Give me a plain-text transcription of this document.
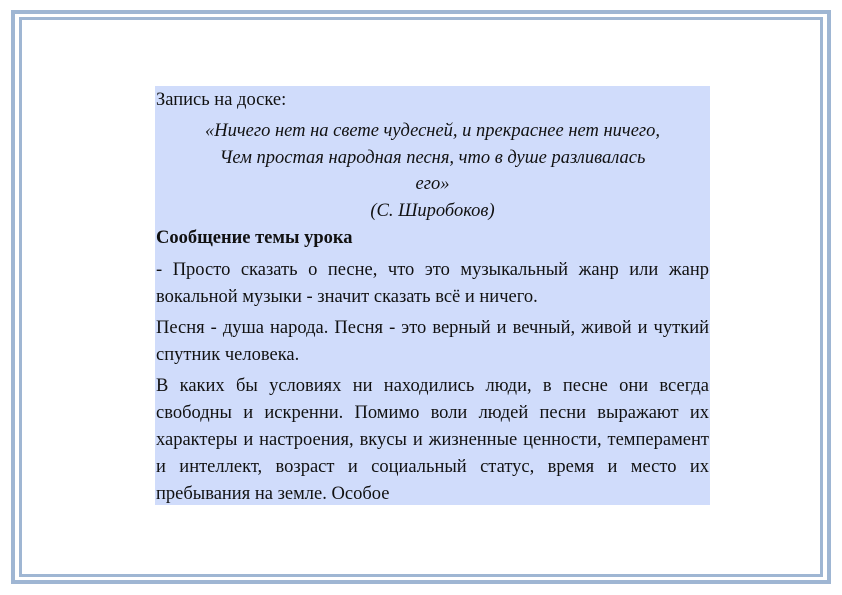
Запись на доске:

«Ничего нет на свете чудесней, и прекраснее нет ничего,
Чем простая народная песня, что в душе разливалась
его»

(С. Широбоков)

Сообщение темы урока

- Просто сказать о песне, что это музыкальный жанр или жанр вокальной музыки - значит сказать всё и ничего.

Песня - душа народа. Песня - это верный и вечный, живой и чуткий спутник человека.

В каких бы условиях ни находились люди, в песне они всегда свободны и искренни. Помимо воли людей песни выражают их характеры и настроения, вкусы и жизненные ценности, темперамент и интеллект, возраст и социальный статус, время и место их пребывания на земле. Особое
